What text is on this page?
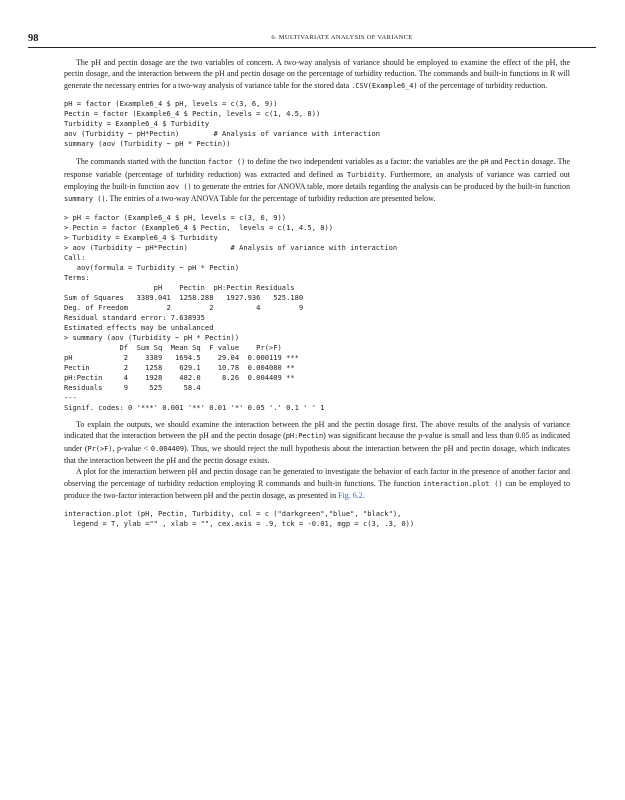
98	6. MULTIVARIATE ANALYSIS OF VARIANCE

The pH and pectin dosage are the two variables of concern. A two-way analysis of variance should be employed to examine the effect of the pH, the pectin dosage, and the interaction between the pH and pectin dosage on the percentage of turbidity reduction. The commands and built-in functions in R will generate the necessary entries for a two-way analysis of variance table for the stored data .CSV(Example6_4) of the percentage of turbidity reduction.

pH = factor (Example6_4 $ pH, levels = c(3, 6, 9))
Pectin = factor (Example6_4 $ Pectin, levels = c(1, 4.5, 8))
Turbidity = Example6_4 $ Turbidity
aov (Turbidity ~ pH*Pectin)        # Analysis of variance with interaction
summary (aov (Turbidity ~ pH * Pectin))

The commands started with the function factor () to define the two independent variables as a factor: the variables are the pH and Pectin dosage. The response variable (percentage of turbidity reduction) was extracted and defined as Turbidity. Furthermore, an analysis of variance was carried out employing the built-in function aov () to generate the entries for ANOVA table, more details regarding the analysis can be produced by the built-in function summary (). The entries of a two-way ANOVA Table for the percentage of turbidity reduction are presented below.

> pH = factor (Example6_4 $ pH, levels = c(3, 6, 9))
> Pectin = factor (Example6_4 $ Pectin,  levels = c(1, 4.5, 8))
> Turbidity = Example6_4 $ Turbidity
> aov (Turbidity ~ pH*Pectin)          # Analysis of variance with interaction
Call:
aov(formula = Turbidity ~ pH * Pectin)
Terms:
pH    Pectin  pH:Pectin Residuals
Sum of Squares   3389.041  1258.288   1927.936   525.180
Deg. of Freedom         2         2          4         9
Residual standard error: 7.638935
Estimated effects may be unbalanced
> summary (aov (Turbidity ~ pH * Pectin))
Df  Sum Sq  Mean Sq  F value    Pr(>F)
pH            2    3389   1694.5    29.04  0.000119 ***
Pectin        2    1258    629.1    10.78  0.004080 **
pH:Pectin     4    1928    482.0     8.26  0.004409 **
Residuals     9     525     58.4
---
Signif. codes: 0 '***' 0.001 '**' 0.01 '*' 0.05 '.' 0.1 ' ' 1

To explain the outputs, we should examine the interaction between the pH and the pectin dosage first. The above results of the analysis of variance indicated that the interaction between the pH and the pectin dosage (pH:Pectin) was significant because the p-value is small and less than 0.05 as indicated under (Pr(>F), p-value < 0.004409). Thus, we should reject the null hypothesis about the interaction between the pH and pectin dosage, which indicates that the interaction between the pH and the pectin dosage exists.

A plot for the interaction between pH and pectin dosage can be generated to investigate the behavior of each factor in the presence of another factor and observing the percentage of turbidity reduction employing R commands and built-in functions. The function interaction.plot () can be employed to produce the two-factor interaction between pH and the pectin dosage, as presented in Fig. 6.2.

interaction.plot (pH, Pectin, Turbidity, col = c ("darkgreen","blue", "black"),
legend = T, ylab ="" , xlab = "", cex.axis = .9, tck = -0.01, mgp = c(3, .3, 0))
